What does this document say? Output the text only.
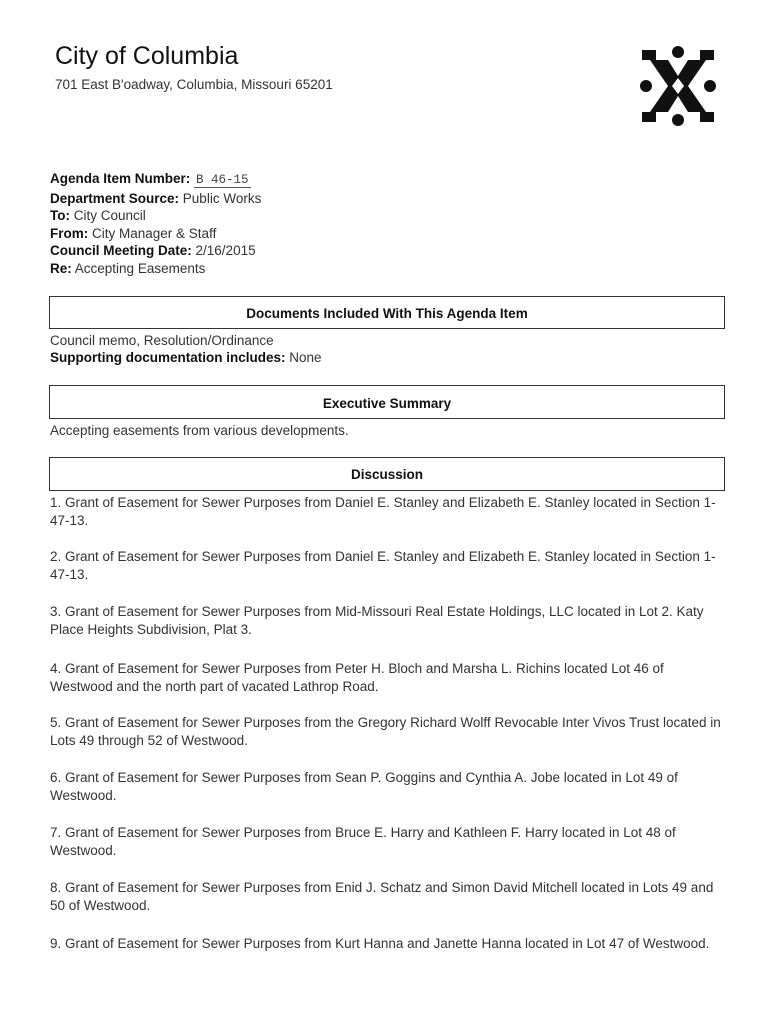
City of Columbia
701 East B'oadway, Columbia, Missouri 65201
Agenda Item Number: B 46-15
Department Source: Public Works
To: City Council
From: City Manager & Staff
Council Meeting Date: 2/16/2015
Re: Accepting Easements
Documents Included With This Agenda Item
Council memo, Resolution/Ordinance
Supporting documentation includes: None
Executive Summary
Accepting easements from various developments.
Discussion
1. Grant of Easement for Sewer Purposes from Daniel E. Stanley and Elizabeth E. Stanley located in Section 1-47-13.
2. Grant of Easement for Sewer Purposes from Daniel E. Stanley and Elizabeth E. Stanley located in Section 1-47-13.
3. Grant of Easement for Sewer Purposes from Mid-Missouri Real Estate Holdings, LLC located in Lot 2. Katy Place Heights Subdivision, Plat 3.
4. Grant of Easement for Sewer Purposes from Peter H. Bloch and Marsha L. Richins located Lot 46 of Westwood and the north part of vacated Lathrop Road.
5. Grant of Easement for Sewer Purposes from the Gregory Richard Wolff Revocable Inter Vivos Trust located in Lots 49 through 52 of Westwood.
6. Grant of Easement for Sewer Purposes from Sean P. Goggins and Cynthia A. Jobe located in Lot 49 of Westwood.
7. Grant of Easement for Sewer Purposes from Bruce E. Harry and Kathleen F. Harry located in Lot 48 of Westwood.
8. Grant of Easement for Sewer Purposes from Enid J. Schatz and Simon David Mitchell located in Lots 49 and 50 of Westwood.
9. Grant of Easement for Sewer Purposes from Kurt Hanna and Janette Hanna located in Lot 47 of Westwood.
